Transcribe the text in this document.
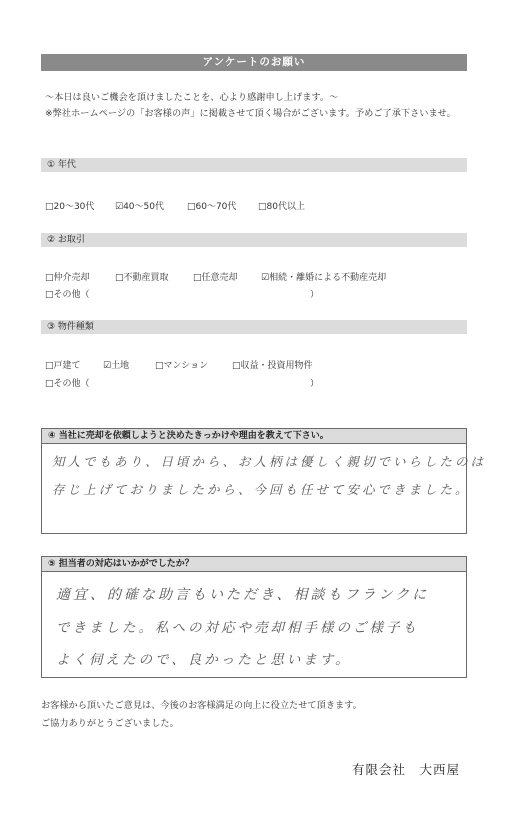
アンケートのお願い
～本日は良いご機会を頂けましたことを、心より感謝申し上げます。～
※弊社ホームページの「お客様の声」に掲載させて頂く場合がございます。予めご了承下さいませ。
① 年代
□20～30代 ☑40～50代	□60～70代 □80代以上
② お取引
□仲介売却	□不動産買取	□任意売却	☑相続・離婚による不動産売却
□その他（	）
③ 物件種類
□戸建て ☑土地	□マンション	□収益・投資用物件
□その他（	）
④ 当社に売却を依頼しようと決めたきっかけや理由を教えて下さい。
知人でもあり、日頃から、お人柄は優しく親切でいらしたのは
存じ上げておりましたから、今回も任せて安心できました。
⑤ 担当者の対応はいかがでしたか？
適宜、的確な助言もいただき、相談もフランクに
できました。私への対応や売却相手様のご様子も
よく伺えたので、良かったと思います。
お客様から頂いたご意見は、今後のお客様満足の向上に役立たせて頂きます。
ご協力ありがとうございました。
有限会社　大西屋
